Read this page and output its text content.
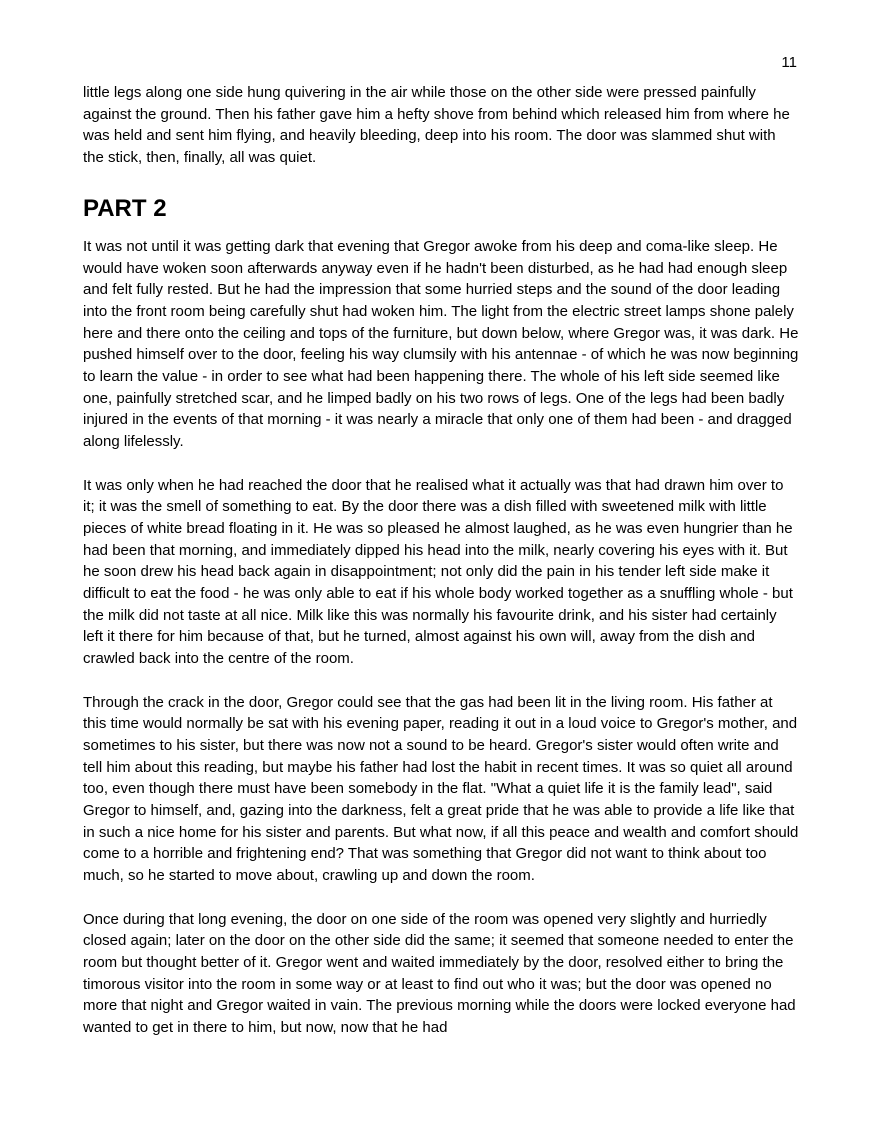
11

little legs along one side hung quivering in the air while those on the other side were pressed painfully against the ground. Then his father gave him a hefty shove from behind which released him from where he was held and sent him flying, and heavily bleeding, deep into his room. The door was slammed shut with the stick, then, finally, all was quiet.

PART 2

It was not until it was getting dark that evening that Gregor awoke from his deep and coma-like sleep. He would have woken soon afterwards anyway even if he hadn't been disturbed, as he had had enough sleep and felt fully rested. But he had the impression that some hurried steps and the sound of the door leading into the front room being carefully shut had woken him. The light from the electric street lamps shone palely here and there onto the ceiling and tops of the furniture, but down below, where Gregor was, it was dark. He pushed himself over to the door, feeling his way clumsily with his antennae - of which he was now beginning to learn the value - in order to see what had been happening there. The whole of his left side seemed like one, painfully stretched scar, and he limped badly on his two rows of legs. One of the legs had been badly injured in the events of that morning - it was nearly a miracle that only one of them had been - and dragged along lifelessly.

It was only when he had reached the door that he realised what it actually was that had drawn him over to it; it was the smell of something to eat. By the door there was a dish filled with sweetened milk with little pieces of white bread floating in it. He was so pleased he almost laughed, as he was even hungrier than he had been that morning, and immediately dipped his head into the milk, nearly covering his eyes with it. But he soon drew his head back again in disappointment; not only did the pain in his tender left side make it difficult to eat the food - he was only able to eat if his whole body worked together as a snuffling whole - but the milk did not taste at all nice. Milk like this was normally his favourite drink, and his sister had certainly left it there for him because of that, but he turned, almost against his own will, away from the dish and crawled back into the centre of the room.

Through the crack in the door, Gregor could see that the gas had been lit in the living room. His father at this time would normally be sat with his evening paper, reading it out in a loud voice to Gregor's mother, and sometimes to his sister, but there was now not a sound to be heard. Gregor's sister would often write and tell him about this reading, but maybe his father had lost the habit in recent times. It was so quiet all around too, even though there must have been somebody in the flat. "What a quiet life it is the family lead", said Gregor to himself, and, gazing into the darkness, felt a great pride that he was able to provide a life like that in such a nice home for his sister and parents. But what now, if all this peace and wealth and comfort should come to a horrible and frightening end? That was something that Gregor did not want to think about too much, so he started to move about, crawling up and down the room.

Once during that long evening, the door on one side of the room was opened very slightly and hurriedly closed again; later on the door on the other side did the same; it seemed that someone needed to enter the room but thought better of it. Gregor went and waited immediately by the door, resolved either to bring the timorous visitor into the room in some way or at least to find out who it was; but the door was opened no more that night and Gregor waited in vain. The previous morning while the doors were locked everyone had wanted to get in there to him, but now, now that he had
